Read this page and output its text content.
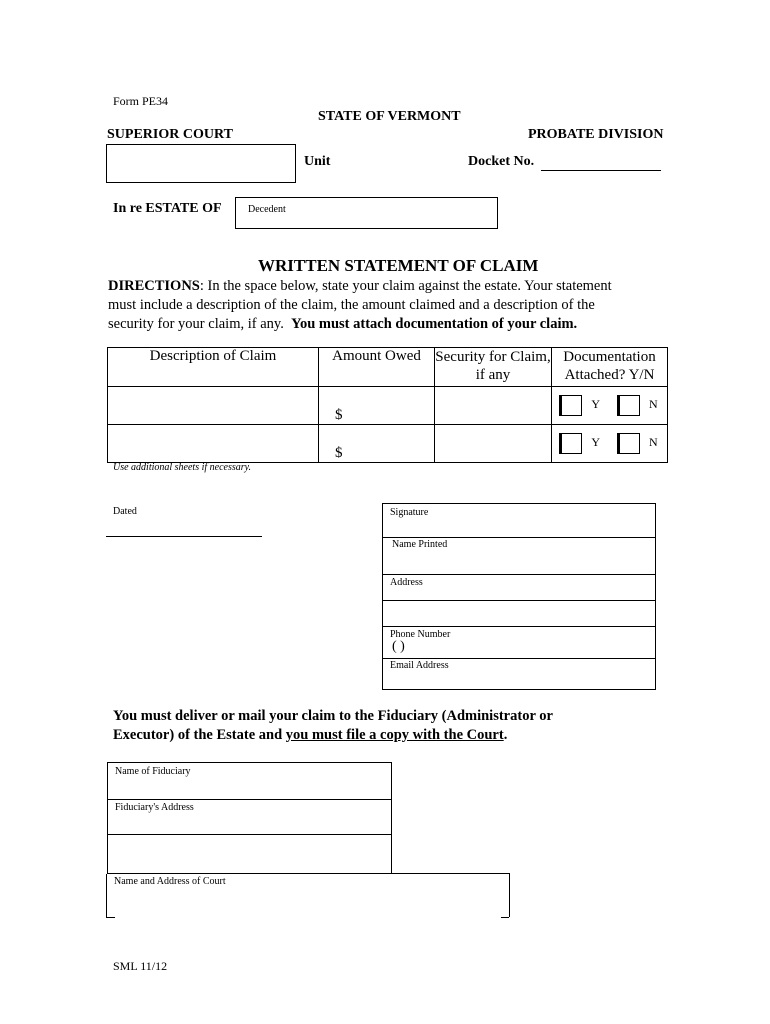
Form PE34
STATE OF VERMONT
SUPERIOR COURT	PROBATE DIVISION
Unit	Docket No.
In re ESTATE OF	Decedent
WRITTEN STATEMENT OF CLAIM
DIRECTIONS: In the space below, state your claim against the estate. Your statement
must include a description of the claim, the amount claimed and a description of the
security for your claim, if any. You must attach documentation of your claim.
Description of Claim	Amount Owed	Security for Claim, if any	Documentation Attached? Y/N
	$		Y N
	$		Y N
Use additional sheets if necessary.
Dated	Signature
Name Printed
Address
Phone Number
( )
Email Address
You must deliver or mail your claim to the Fiduciary (Administrator or
Executor) of the Estate and you must file a copy with the Court.
Name of Fiduciary
Fiduciary's Address
Name and Address of Court
SML 11/12
